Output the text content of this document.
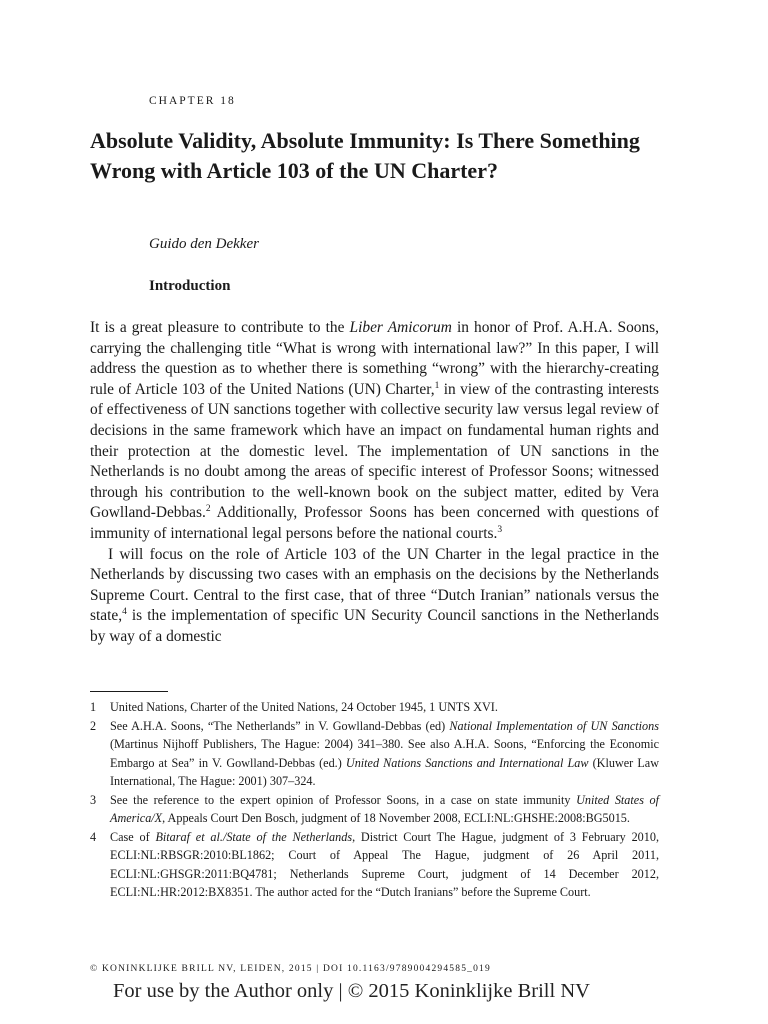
CHAPTER 18
Absolute Validity, Absolute Immunity: Is There Something Wrong with Article 103 of the UN Charter?
Guido den Dekker
Introduction

It is a great pleasure to contribute to the Liber Amicorum in honor of Prof. A.H.A. Soons, carrying the challenging title “What is wrong with international law?” In this paper, I will address the question as to whether there is something “wrong” with the hierarchy-creating rule of Article 103 of the United Nations (UN) Charter,$^1$ in view of the contrasting interests of effectiveness of UN sanctions together with collective security law versus legal review of decisions in the same framework which have an impact on fundamental human rights and their protection at the domestic level. The implementation of UN sanctions in the Netherlands is no doubt among the areas of specific interest of Professor Soons; witnessed through his contribution to the well-known book on the subject matter, edited by Vera Gowlland-Debbas.$^2$ Additionally, Professor Soons has been concerned with questions of immunity of international legal persons before the national courts.$^3$

I will focus on the role of Article 103 of the UN Charter in the legal practice in the Netherlands by discussing two cases with an emphasis on the decisions by the Netherlands Supreme Court. Central to the first case, that of three “Dutch Iranian” nationals versus the state,$^4$ is the implementation of specific UN Security Council sanctions in the Netherlands by way of a domestic

1	United Nations, Charter of the United Nations, 24 October 1945, 1 UNTS XVI.
2	See A.H.A. Soons, “The Netherlands” in V. Gowlland-Debbas (ed) National Implementation of UN Sanctions (Martinus Nijhoff Publishers, The Hague: 2004) 341–380. See also A.H.A. Soons, “Enforcing the Economic Embargo at Sea” in V. Gowlland-Debbas (ed.) United Nations Sanctions and International Law (Kluwer Law International, The Hague: 2001) 307–324.
3	See the reference to the expert opinion of Professor Soons, in a case on state immunity United States of America/X, Appeals Court Den Bosch, judgment of 18 November 2008, ECLI:NL:GHSHE:2008:BG5015.
4	Case of Bitaraf et al./State of the Netherlands, District Court The Hague, judgment of 3 February 2010, ECLI:NL:RBSGR:2010:BL1862; Court of Appeal The Hague, judgment of 26 April 2011, ECLI:NL:GHSGR:2011:BQ4781; Netherlands Supreme Court, judgment of 14 December 2012, ECLI:NL:HR:2012:BX8351. The author acted for the “Dutch Iranians” before the Supreme Court.
© KONINKLIJKE BRILL NV, LEIDEN, 2015 | DOI 10.1163/9789004294585_019
For use by the Author only | © 2015 Koninklijke Brill NV
